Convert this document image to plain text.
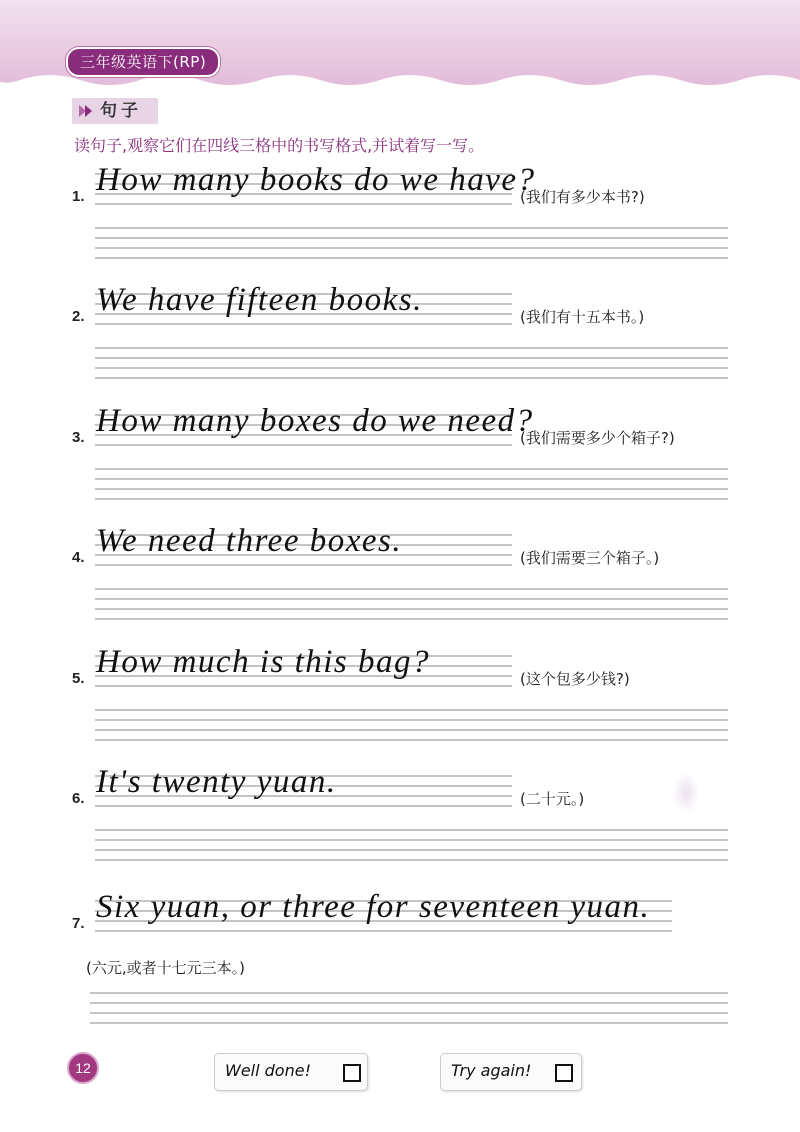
三年级英语下(RP)
句子
读句子,观察它们在四线三格中的书写格式,并试着写一写。
1. How many books do we have?
(我们有多少本书?)
2. We have fifteen books.	(我们有十五本书。)
3. How many boxes do we need?
(我们需要多少个箱子?)
4. We need three boxes.	(我们需要三个箱子。)
5. How much is this bag?	(这个包多少钱?)
6. It's twenty yuan.	(二十元。)
7. Six yuan, or three for seventeen yuan.
(六元,或者十七元三本。)
12	Well done!	Try again!
